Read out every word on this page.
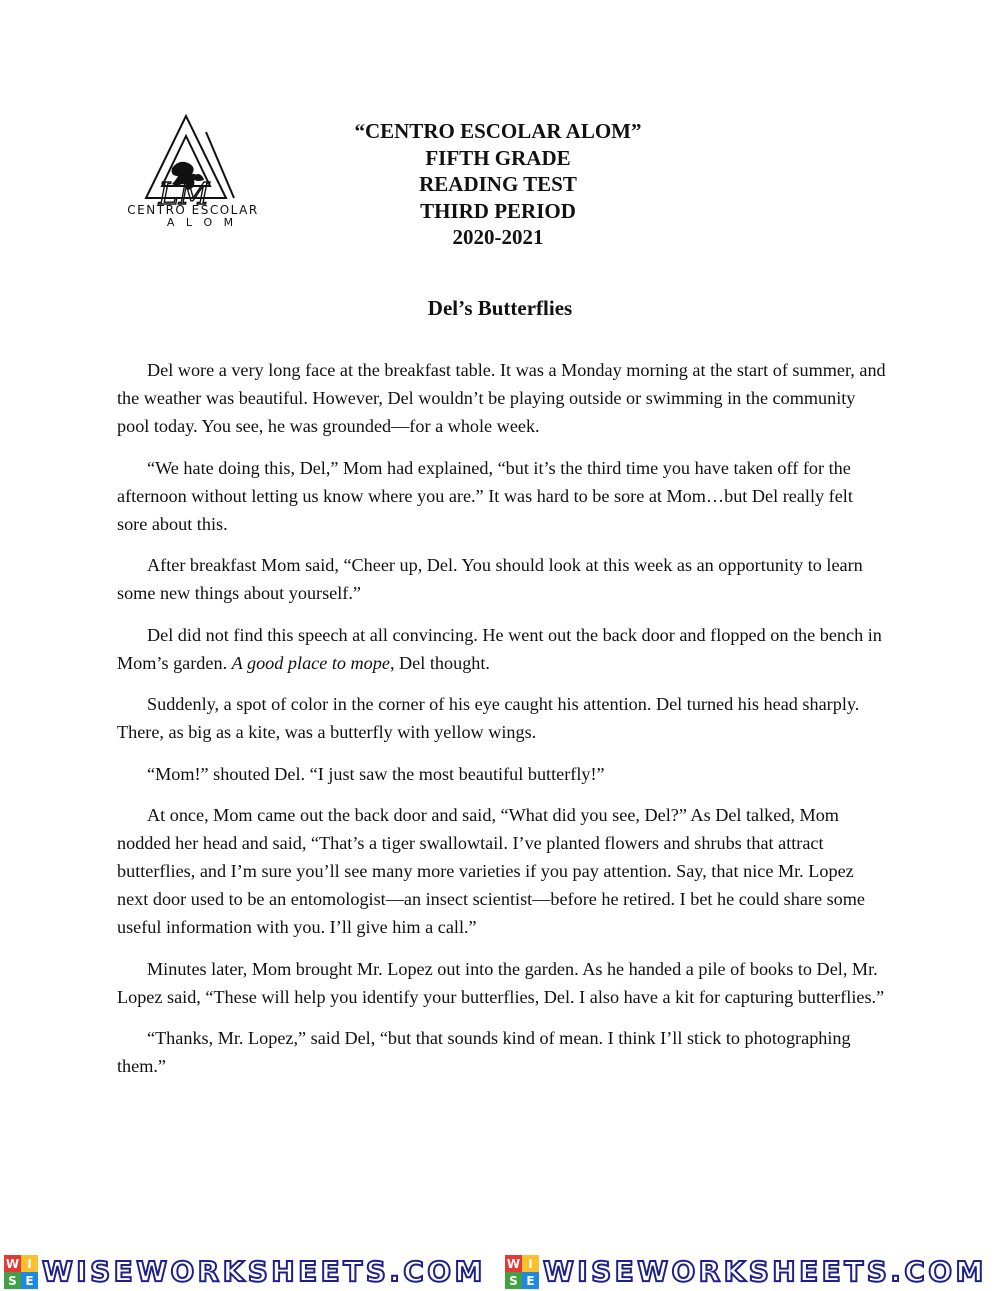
LM
CENTRO ESCOLAR
A L O M
“CENTRO ESCOLAR ALOM”
FIFTH GRADE
READING TEST
THIRD PERIOD
2020-2021
Del’s Butterflies

Del wore a very long face at the breakfast table. It was a Monday morning at the start of summer, and the weather was beautiful. However, Del wouldn’t be playing outside or swimming in the community pool today. You see, he was grounded—for a whole week.

“We hate doing this, Del,” Mom had explained, “but it’s the third time you have taken off for the afternoon without letting us know where you are.” It was hard to be sore at Mom…but Del really felt sore about this.

After breakfast Mom said, “Cheer up, Del. You should look at this week as an opportunity to learn some new things about yourself.”

Del did not find this speech at all convincing. He went out the back door and flopped on the bench in Mom’s garden. A good place to mope, Del thought.

Suddenly, a spot of color in the corner of his eye caught his attention. Del turned his head sharply. There, as big as a kite, was a butterfly with yellow wings.

“Mom!” shouted Del. “I just saw the most beautiful butterfly!”

At once, Mom came out the back door and said, “What did you see, Del?” As Del talked, Mom nodded her head and said, “That’s a tiger swallowtail. I’ve planted flowers and shrubs that attract butterflies, and I’m sure you’ll see many more varieties if you pay attention. Say, that nice Mr. Lopez next door used to be an entomologist—an insect scientist—before he retired. I bet he could share some useful information with you. I’ll give him a call.”

Minutes later, Mom brought Mr. Lopez out into the garden. As he handed a pile of books to Del, Mr. Lopez said, “These will help you identify your butterflies, Del. I also have a kit for capturing butterflies.”

“Thanks, Mr. Lopez,” said Del, “but that sounds kind of mean. I think I’ll stick to photographing them.”

W I
S E WISEWORKSHEETS.COM W I
S E WISEWORKSHEETS.COM
